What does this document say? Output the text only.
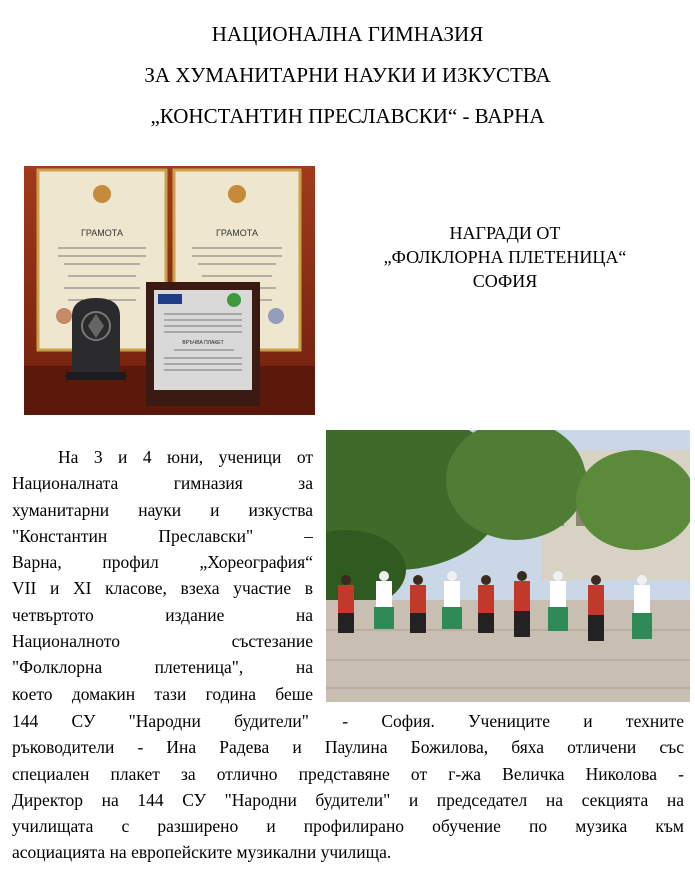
НАЦИОНАЛНА ГИМНАЗИЯ
ЗА ХУМАНИТАРНИ НАУКИ И ИЗКУСТВА
„КОНСТАНТИН ПРЕСЛАВСКИ“ - ВАРНА
ГРАМОТА	ГРАМОТА
ВРЪЧВА ПЛАКЕТ
НАГРАДИ ОТ
„ФОЛКЛОРНА ПЛЕТЕНИЦА“
СОФИЯ
На 3 и 4 юни, ученици от
Националната гимназия за
хуманитарни науки и изкуства
"Константин Преславски" –
Варна, профил „Хореография“
VII и XI класове, взеха участие в
четвъртото издание на
Националното състезание
"Фолклорна плетеница", на
което домакин тази година беше
144 СУ "Народни будители" - София. Учениците и техните
ръководители - Ина Радева и Паулина Божилова, бяха отличени със
специален плакет за отлично представяне от г-жа Величка Николова -
Директор на 144 СУ "Народни будители" и председател на секцията на
училищата с разширено и профилирано обучение по музика към
асоциацията на европейските музикални училища.
